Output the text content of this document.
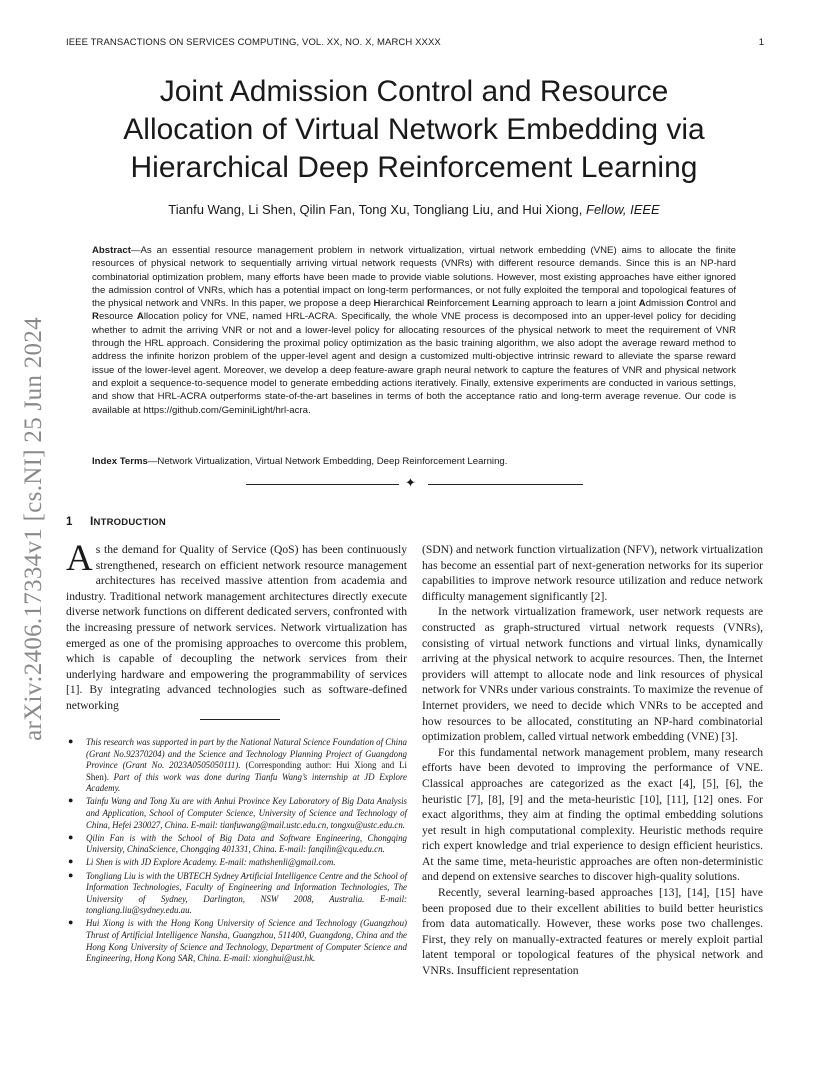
IEEE TRANSACTIONS ON SERVICES COMPUTING, VOL. XX, NO. X, MARCH XXXX	1
arXiv:2406.17334v1 [cs.NI] 25 Jun 2024
Joint Admission Control and Resource
Allocation of Virtual Network Embedding via
Hierarchical Deep Reinforcement Learning
Tianfu Wang, Li Shen, Qilin Fan, Tong Xu, Tongliang Liu, and Hui Xiong, Fellow, IEEE
Abstract—As an essential resource management problem in network virtualization, virtual network embedding (VNE) aims to allocate the finite resources of physical network to sequentially arriving virtual network requests (VNRs) with different resource demands. Since this is an NP-hard combinatorial optimization problem, many efforts have been made to provide viable solutions. However, most existing approaches have either ignored the admission control of VNRs, which has a potential impact on long-term performances, or not fully exploited the temporal and topological features of the physical network and VNRs. In this paper, we propose a deep Hierarchical Reinforcement Learning approach to learn a joint Admission Control and Resource Allocation policy for VNE, named HRL-ACRA. Specifically, the whole VNE process is decomposed into an upper-level policy for deciding whether to admit the arriving VNR or not and a lower-level policy for allocating resources of the physical network to meet the requirement of VNR through the HRL approach. Considering the proximal policy optimization as the basic training algorithm, we also adopt the average reward method to address the infinite horizon problem of the upper-level agent and design a customized multi-objective intrinsic reward to alleviate the sparse reward issue of the lower-level agent. Moreover, we develop a deep feature-aware graph neural network to capture the features of VNR and physical network and exploit a sequence-to-sequence model to generate embedding actions iteratively. Finally, extensive experiments are conducted in various settings, and show that HRL-ACRA outperforms state-of-the-art baselines in terms of both the acceptance ratio and long-term average revenue. Our code is available at https://github.com/GeminiLight/hrl-acra.
Index Terms—Network Virtualization, Virtual Network Embedding, Deep Reinforcement Learning.
✦
1 INTRODUCTION

As the demand for Quality of Service (QoS) has been continuously strengthened, research on efficient network resource management architectures has received massive attention from academia and industry. Traditional network management architectures directly execute diverse network functions on different dedicated servers, confronted with the increasing pressure of network services. Network virtualization has emerged as one of the promising approaches to overcome this problem, which is capable of decoupling the network services from their underlying hardware and empowering the programmability of services [1]. By integrating advanced technologies such as software-defined networking

● This research was supported in part by the National Natural Science Foundation of China (Grant No.92370204) and the Science and Technology Planning Project of Guangdong Province (Grant No. 2023A0505050111). (Corresponding author: Hui Xiong and Li Shen). Part of this work was done during Tianfu Wang’s internship at JD Explore Academy.
● Tainfu Wang and Tong Xu are with Anhui Province Key Laboratory of Big Data Analysis and Application, School of Computer Science, University of Science and Technology of China, Hefei 230027, China. E-mail: tianfuwang@mail.ustc.edu.cn, tongxu@ustc.edu.cn.
● Qilin Fan is with the School of Big Data and Software Engineering, Chongqing University, ChinaScience, Chongqing 401331, China. E-mail: fanqilin@cqu.edu.cn.
● Li Shen is with JD Explore Academy. E-mail: mathshenli@gmail.com.
● Tongliang Liu is with the UBTECH Sydney Artificial Intelligence Centre and the School of Information Technologies, Faculty of Engineering and Information Technologies, The University of Sydney, Darlington, NSW 2008, Australia. E-mail: tongliang.liu@sydney.edu.au.
● Hui Xiong is with the Hong Kong University of Science and Technology (Guangzhou) Thrust of Artificial Intelligence Nansha, Guangzhou, 511400, Guangdong, China and the Hong Kong University of Science and Technology, Department of Computer Science and Engineering, Hong Kong SAR, China. E-mail: xionghui@ust.hk.

(SDN) and network function virtualization (NFV), network virtualization has become an essential part of next-generation networks for its superior capabilities to improve network resource utilization and reduce network difficulty management significantly [2].

In the network virtualization framework, user network requests are constructed as graph-structured virtual network requests (VNRs), consisting of virtual network functions and virtual links, dynamically arriving at the physical network to acquire resources. Then, the Internet providers will attempt to allocate node and link resources of physical network for VNRs under various constraints. To maximize the revenue of Internet providers, we need to decide which VNRs to be accepted and how resources to be allocated, constituting an NP-hard combinatorial optimization problem, called virtual network embedding (VNE) [3].

For this fundamental network management problem, many research efforts have been devoted to improving the performance of VNE. Classical approaches are categorized as the exact [4], [5], [6], the heuristic [7], [8], [9] and the meta-heuristic [10], [11], [12] ones. For exact algorithms, they aim at finding the optimal embedding solutions yet result in high computational complexity. Heuristic methods require rich expert knowledge and trial experience to design efficient heuristics. At the same time, meta-heuristic approaches are often non-deterministic and depend on extensive searches to discover high-quality solutions.

Recently, several learning-based approaches [13], [14], [15] have been proposed due to their excellent abilities to build better heuristics from data automatically. However, these works pose two challenges. First, they rely on manually-extracted features or merely exploit partial latent temporal or topological features of the physical network and VNRs. Insufficient representation
